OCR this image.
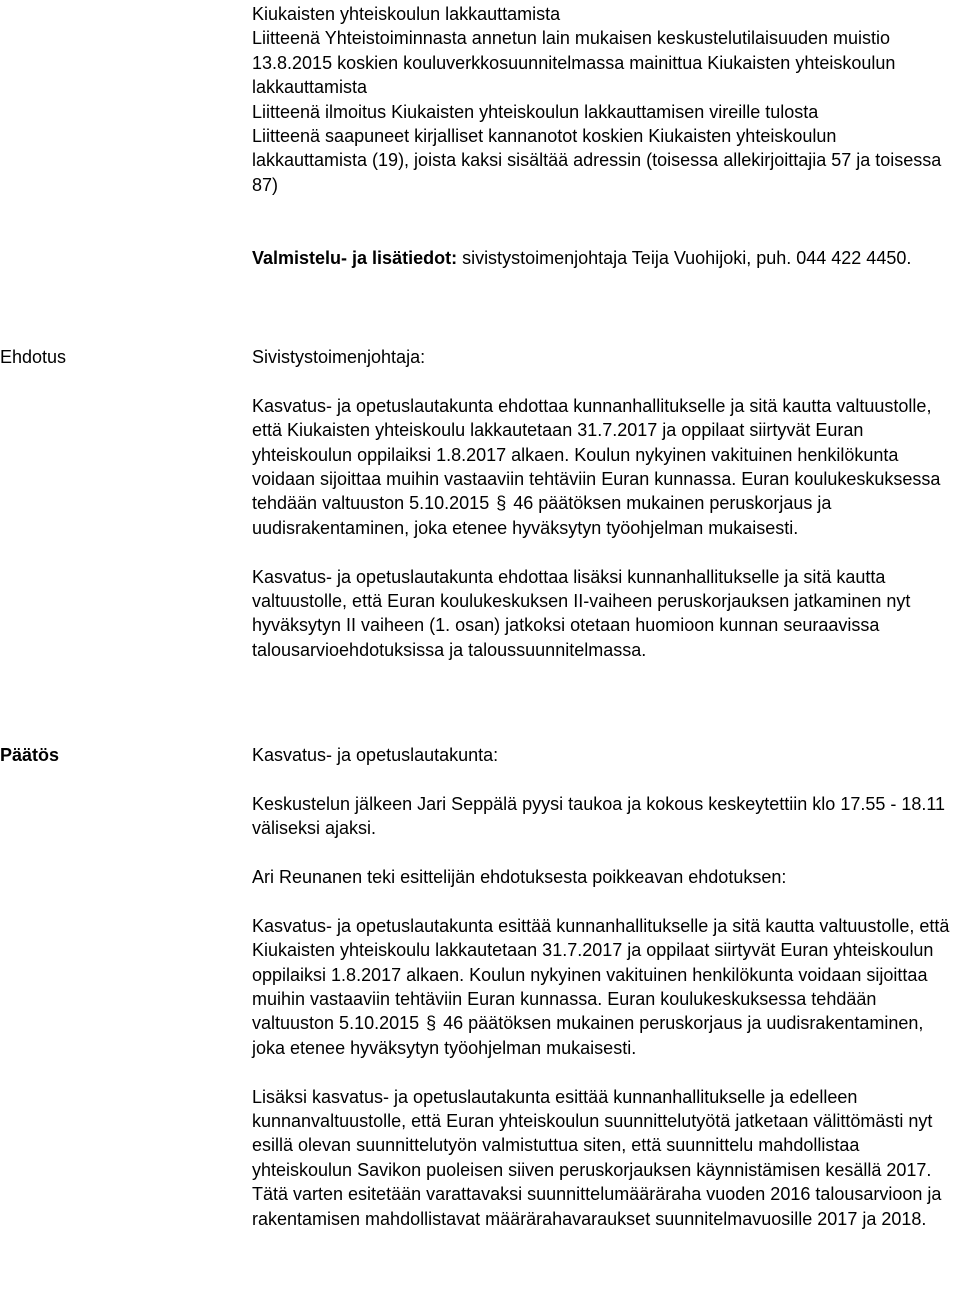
Kiukaisten yhteiskoulun lakkauttamista

Liitteenä Yhteistoiminnasta annetun lain mukaisen keskustelutilaisuuden muistio 13.8.2015 koskien kouluverkkosuunnitelmassa mainittua Kiukaisten yhteiskoulun lakkauttamista

Liitteenä ilmoitus Kiukaisten yhteiskoulun lakkauttamisen vireille tulosta

Liitteenä saapuneet kirjalliset kannanotot koskien Kiukaisten yhteiskoulun lakkauttamista (19), joista kaksi sisältää adressin (toisessa allekirjoittajia 57 ja toisessa 87)

Valmistelu- ja lisätiedot: sivistystoimenjohtaja Teija Vuohijoki, puh. 044 422 4450.

Ehdotus	Sivistystoimenjohtaja:

Kasvatus- ja opetuslautakunta ehdottaa kunnanhallitukselle ja sitä kautta valtuustolle, että Kiukaisten yhteiskoulu lakkautetaan 31.7.2017 ja oppilaat siirtyvät Euran yhteiskoulun oppilaiksi 1.8.2017 alkaen. Koulun nykyinen vakituinen henkilökunta voidaan sijoittaa muihin vastaaviin tehtäviin Euran kunnassa. Euran koulukeskuksessa tehdään valtuuston 5.10.2015 § 46 päätöksen mukainen peruskorjaus ja uudisrakentaminen, joka etenee hyväksytyn työohjelman mukaisesti.

Kasvatus- ja opetuslautakunta ehdottaa lisäksi kunnanhallitukselle ja sitä kautta valtuustolle, että Euran koulukeskuksen II-vaiheen peruskorjauksen jatkaminen nyt hyväksytyn II vaiheen (1. osan) jatkoksi otetaan huomioon kunnan seuraavissa talousarvioehdotuksissa ja taloussuunnitelmassa.

Päätös	Kasvatus- ja opetuslautakunta:

Keskustelun jälkeen Jari Seppälä pyysi taukoa ja kokous keskeytettiin klo 17.55 - 18.11 väliseksi ajaksi.

Ari Reunanen teki esittelijän ehdotuksesta poikkeavan ehdotuksen:

Kasvatus- ja opetuslautakunta esittää kunnanhallitukselle ja sitä kautta valtuustolle, että Kiukaisten yhteiskoulu lakkautetaan 31.7.2017 ja oppilaat siirtyvät Euran yhteiskoulun oppilaiksi 1.8.2017 alkaen. Koulun nykyinen vakituinen henkilökunta voidaan sijoittaa muihin vastaaviin tehtäviin Euran kunnassa. Euran koulukeskuksessa tehdään valtuuston 5.10.2015 § 46 päätöksen mukainen peruskorjaus ja uudisrakentaminen, joka etenee hyväksytyn työohjelman mukaisesti.

Lisäksi kasvatus- ja opetuslautakunta esittää kunnanhallitukselle ja edelleen kunnanvaltuustolle, että Euran yhteiskoulun suunnittelutyötä jatketaan välittömästi nyt esillä olevan suunnittelutyön valmistuttua siten, että suunnittelu mahdollistaa yhteiskoulun Savikon puoleisen siiven peruskorjauksen käynnistämisen kesällä 2017. Tätä varten esitetään varattavaksi suunnittelumääräraha vuoden 2016 talousarvioon ja rakentamisen mahdollistavat määrärahavaraukset suunnitelmavuosille 2017 ja 2018.
